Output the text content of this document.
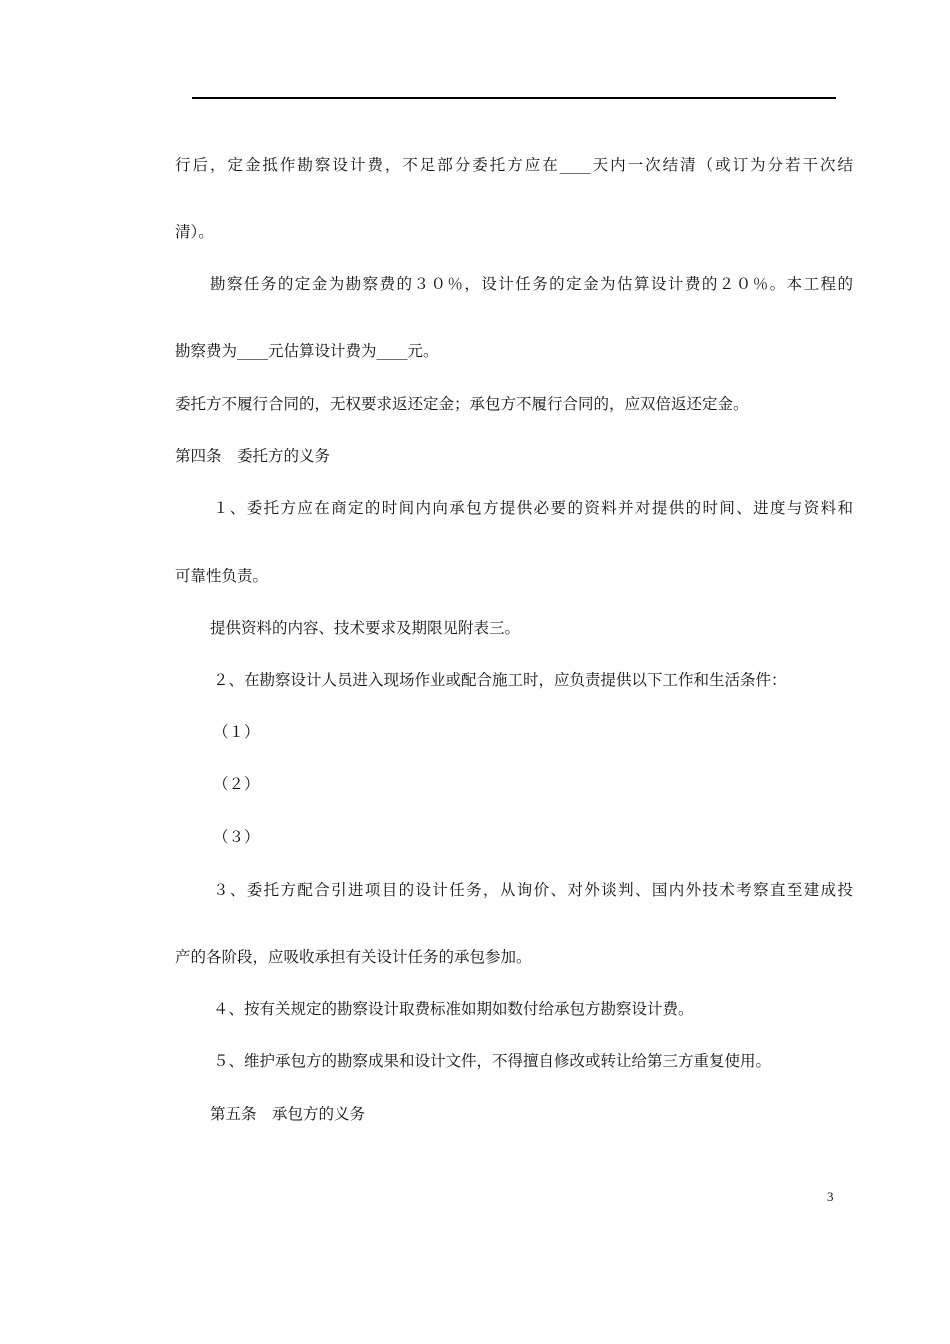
行后，定金抵作勘察设计费，不足部分委托方应在____天内一次结清（或订为分若干次结
清）。
勘察任务的定金为勘察费的３０％，设计任务的定金为估算设计费的２０％。本工程的
勘察费为____元估算设计费为____元。
委托方不履行合同的，无权要求返还定金；承包方不履行合同的，应双倍返还定金。
第四条　委托方的义务
１、委托方应在商定的时间内向承包方提供必要的资料并对提供的时间、进度与资料和
可靠性负责。
提供资料的内容、技术要求及期限见附表三。
２、在勘察设计人员进入现场作业或配合施工时，应负责提供以下工作和生活条件：
（１）
（２）
（３）
３、委托方配合引进项目的设计任务，从询价、对外谈判、国内外技术考察直至建成投
产的各阶段，应吸收承担有关设计任务的承包参加。
４、按有关规定的勘察设计取费标准如期如数付给承包方勘察设计费。
５、维护承包方的勘察成果和设计文件，不得擅自修改或转让给第三方重复使用。
第五条　承包方的义务
3
